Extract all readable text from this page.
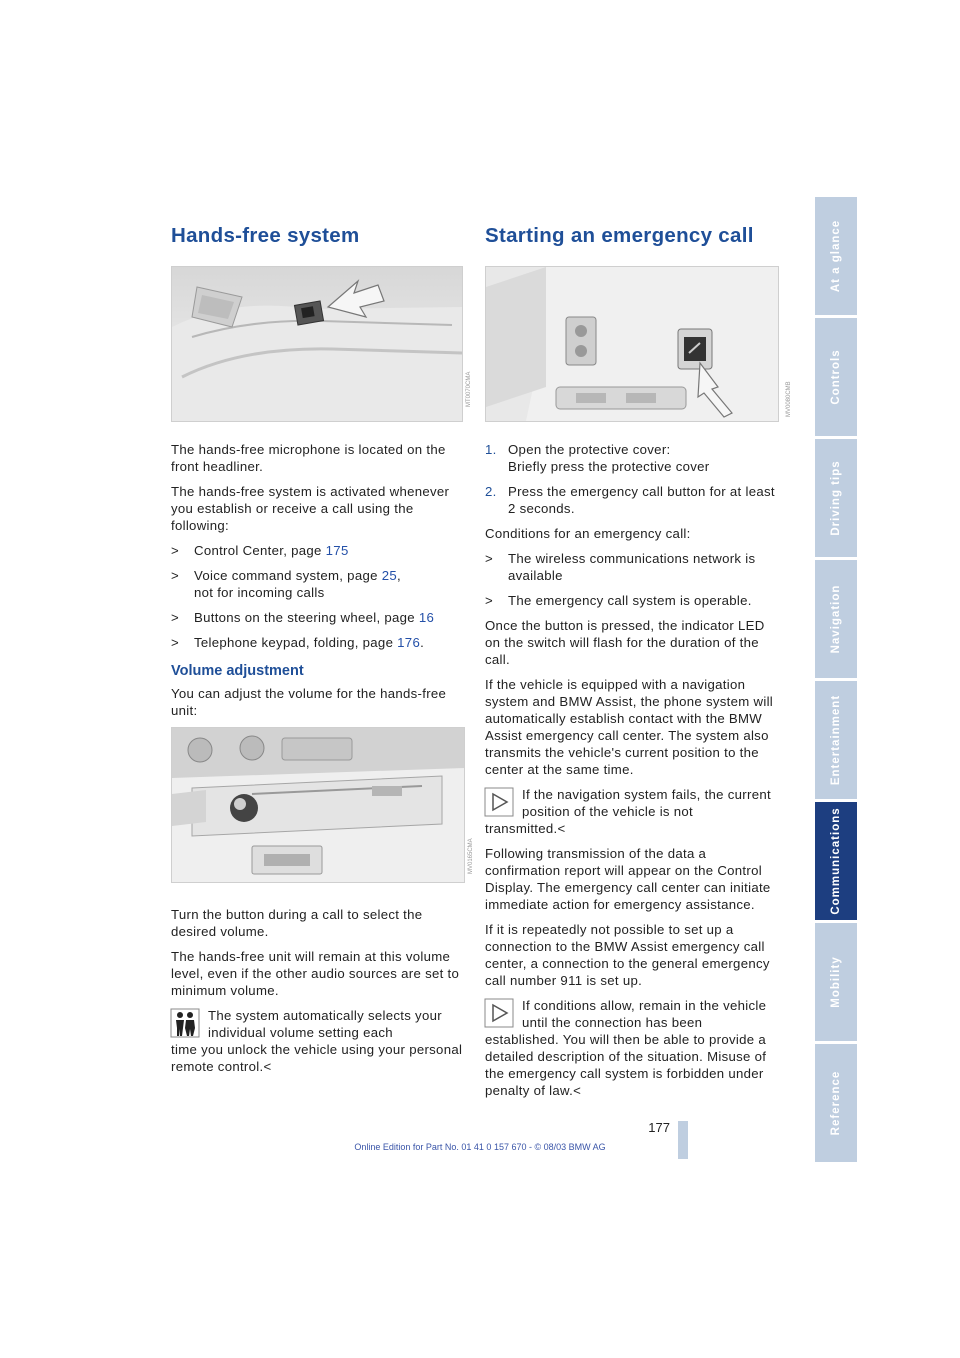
Hands-free system
MT0070CMA

The hands-free microphone is located on the front headliner.

The hands-free system is activated whenever you establish or receive a call using the following:

>	Control Center, page 175
>	Voice command system, page 25,
not for incoming calls
>	Buttons on the steering wheel, page 16
>	Telephone keypad, folding, page 176.
Volume adjustment

You can adjust the volume for the hands-free unit:

MV0165CMA

Turn the button during a call to select the desired volume.

The hands-free unit will remain at this volume level, even if the other audio sources are set to minimum volume.

The system automatically selects your individual volume setting each
time you unlock the vehicle using your personal remote control.<
Starting an emergency call
MV0080CMB
1. Open the protective cover:
Briefly press the protective cover
2. Press the emergency call button for at least 2 seconds.

Conditions for an emergency call:

>	The wireless communications network is available
>	The emergency call system is operable.

Once the button is pressed, the indicator LED on the switch will flash for the duration of the call.

If the vehicle is equipped with a navigation system and BMW Assist, the phone system will automatically establish contact with the BMW Assist emergency call center. The system also transmits the vehicle's current position to the center at the same time.

If the navigation system fails, the current position of the vehicle is not
transmitted.<

Following transmission of the data a confirmation report will appear on the Control Display. The emergency call center can initiate immediate action for emergency assistance.

If it is repeatedly not possible to set up a connection to the BMW Assist emergency call center, a connection to the general emergency call number 911 is set up.

If conditions allow, remain in the vehicle until the connection has been
established. You will then be able to provide a detailed description of the situation. Misuse of the emergency call system is forbidden under penalty of law.<
At a glance
Controls
Driving tips
Navigation
Entertainment
Communications
Mobility
Reference
177
Online Edition for Part No. 01 41 0 157 670 - © 08/03 BMW AG
